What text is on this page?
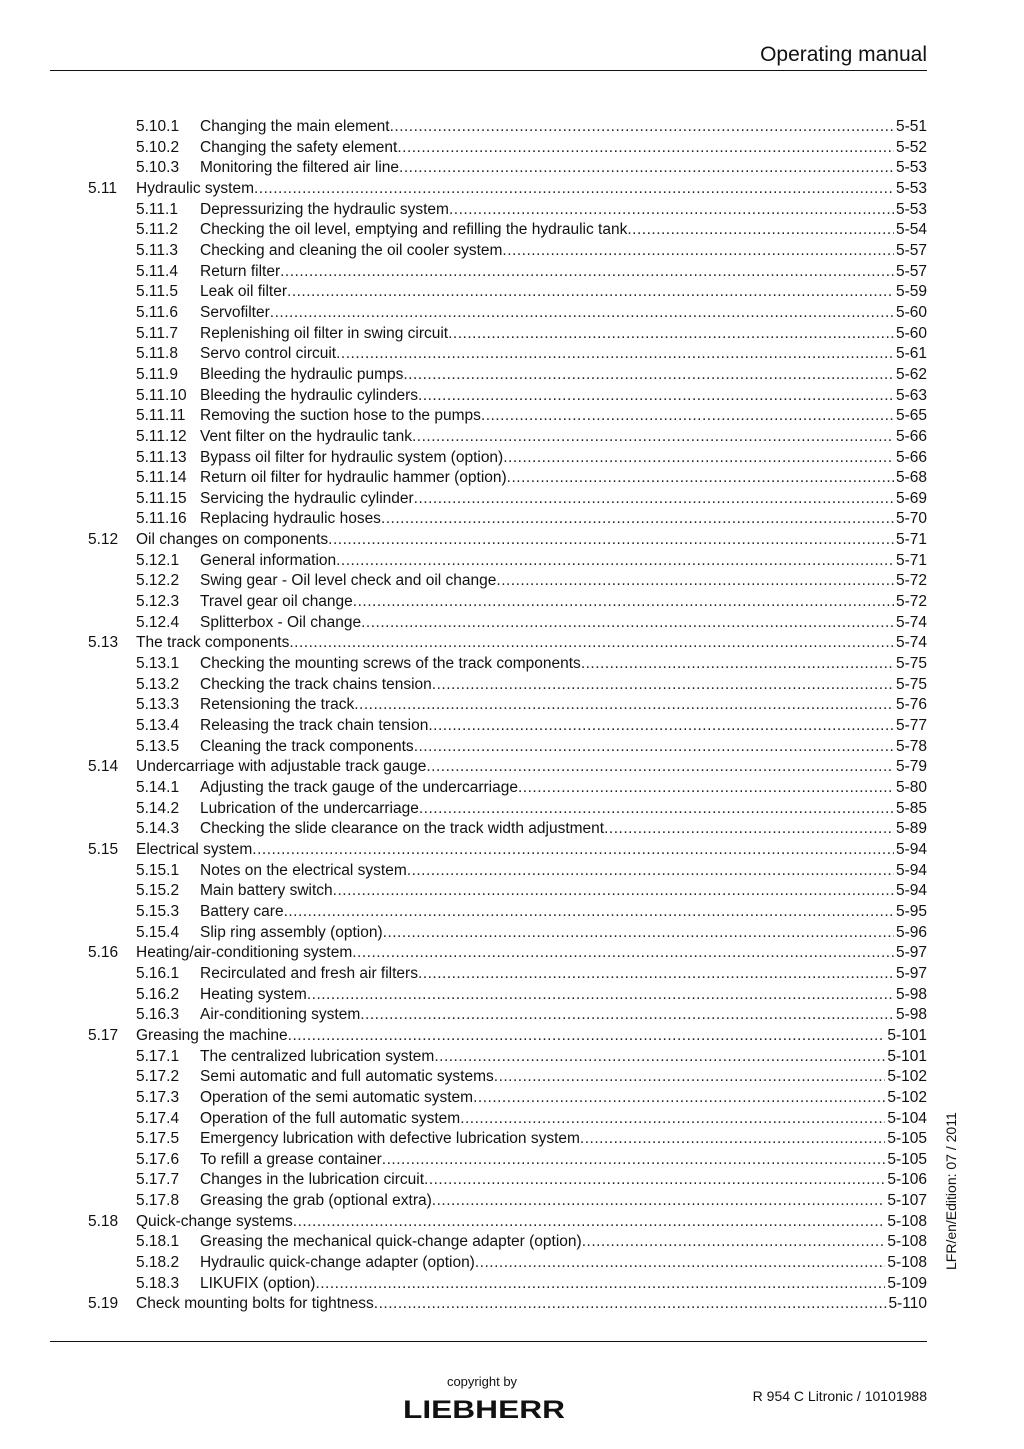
Operating manual
5.10.1 Changing the main element .....	5-51
5.10.2 Changing the safety element .....	5-52
5.10.3 Monitoring the filtered air line .....	5-53
5.11 Hydraulic system .....	5-53
5.11.1 Depressurizing the hydraulic system .....	5-53
5.11.2 Checking the oil level, emptying and refilling the hydraulic tank .....	5-54
5.11.3 Checking and cleaning the oil cooler system .....	5-57
5.11.4 Return filter .....	5-57
5.11.5 Leak oil filter .....	5-59
5.11.6 Servofilter .....	5-60
5.11.7 Replenishing oil filter in swing circuit .....	5-60
5.11.8 Servo control circuit .....	5-61
5.11.9 Bleeding the hydraulic pumps .....	5-62
5.11.10 Bleeding the hydraulic cylinders .....	5-63
5.11.11 Removing the suction hose to the pumps .....	5-65
5.11.12 Vent filter on the hydraulic tank .....	5-66
5.11.13 Bypass oil filter for hydraulic system (option) .....	5-66
5.11.14 Return oil filter for hydraulic hammer (option) .....	5-68
5.11.15 Servicing the hydraulic cylinder .....	5-69
5.11.16 Replacing hydraulic hoses .....	5-70
5.12 Oil changes on components .....	5-71
5.12.1 General information .....	5-71
5.12.2 Swing gear - Oil level check and oil change .....	5-72
5.12.3 Travel gear oil change .....	5-72
5.12.4 Splitterbox - Oil change .....	5-74
5.13 The track components .....	5-74
5.13.1 Checking the mounting screws of the track components .....	5-75
5.13.2 Checking the track chains tension .....	5-75
5.13.3 Retensioning the track .....	5-76
5.13.4 Releasing the track chain tension .....	5-77
5.13.5 Cleaning the track components .....	5-78
5.14 Undercarriage with adjustable track gauge .....	5-79
5.14.1 Adjusting the track gauge of the undercarriage .....	5-80
5.14.2 Lubrication of the undercarriage .....	5-85
5.14.3 Checking the slide clearance on the track width adjustment .....	5-89
5.15 Electrical system .....	5-94
5.15.1 Notes on the electrical system .....	5-94
5.15.2 Main battery switch .....	5-94
5.15.3 Battery care .....	5-95
5.15.4 Slip ring assembly (option) .....	5-96
5.16 Heating/air-conditioning system .....	5-97
5.16.1 Recirculated and fresh air filters .....	5-97
5.16.2 Heating system .....	5-98
5.16.3 Air-conditioning system .....	5-98
5.17 Greasing the machine .....	5-101
5.17.1 The centralized lubrication system .....	5-101
5.17.2 Semi automatic and full automatic systems .....	5-102
5.17.3 Operation of the semi automatic system .....	5-102
5.17.4 Operation of the full automatic system .....	5-104
5.17.5 Emergency lubrication with defective lubrication system .....	5-105
5.17.6 To refill a grease container .....	5-105
5.17.7 Changes in the lubrication circuit .....	5-106
5.17.8 Greasing the grab (optional extra) .....	5-107
5.18 Quick-change systems .....	5-108
5.18.1 Greasing the mechanical quick-change adapter (option) .....	5-108
5.18.2 Hydraulic quick-change adapter (option) .....	5-108
5.18.3 LIKUFIX (option) .....	5-109
5.19 Check mounting bolts for tightness .....	5-110
LFR/en/Edition: 07 / 2011
copyright by
LIEBHERR	R 954 C Litronic / 10101988
